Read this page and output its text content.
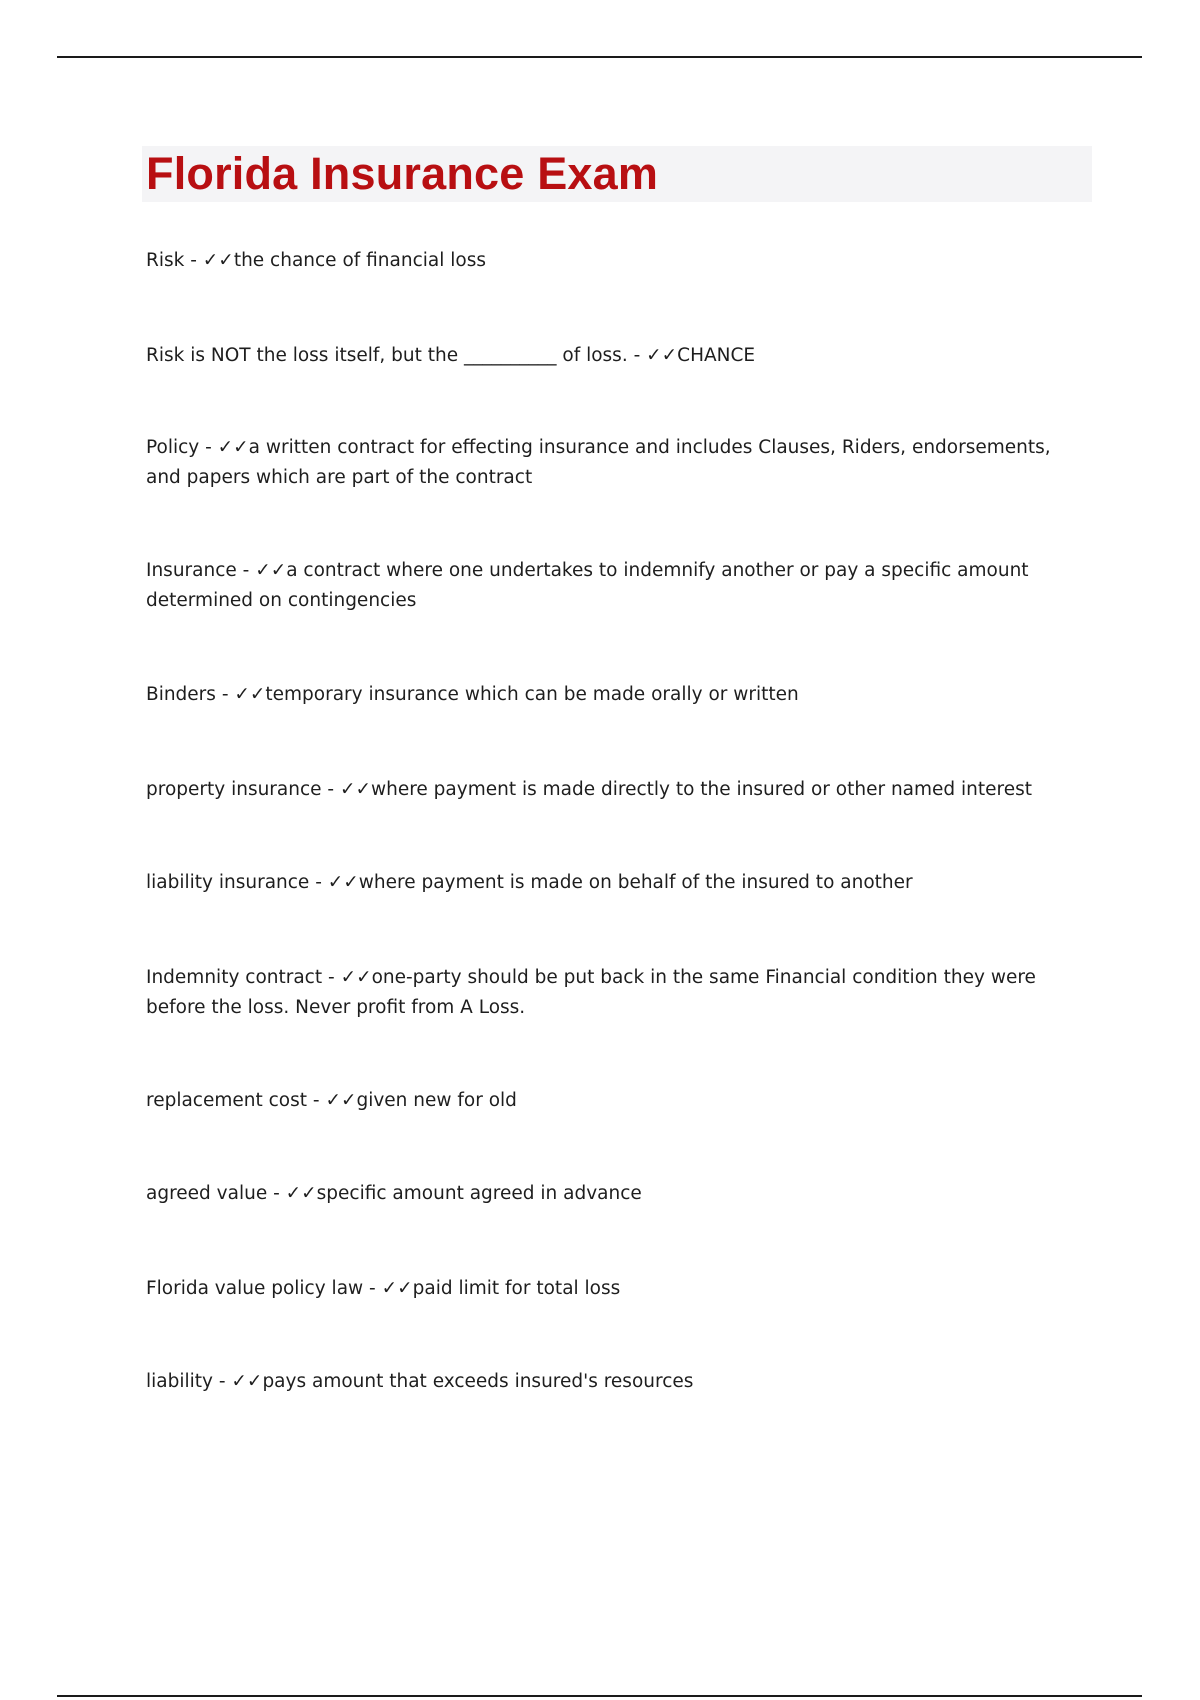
Florida Insurance Exam

Risk - ✓✓the chance of financial loss

Risk is NOT the loss itself, but the __________ of loss. - ✓✓CHANCE

Policy - ✓✓a written contract for effecting insurance and includes Clauses, Riders, endorsements, and papers which are part of the contract

Insurance - ✓✓a contract where one undertakes to indemnify another or pay a specific amount determined on contingencies

Binders - ✓✓temporary insurance which can be made orally or written

property insurance - ✓✓where payment is made directly to the insured or other named interest

liability insurance - ✓✓where payment is made on behalf of the insured to another

Indemnity contract - ✓✓one-party should be put back in the same Financial condition they were before the loss. Never profit from A Loss.

replacement cost - ✓✓given new for old

agreed value - ✓✓specific amount agreed in advance

Florida value policy law - ✓✓paid limit for total loss

liability - ✓✓pays amount that exceeds insured's resources
